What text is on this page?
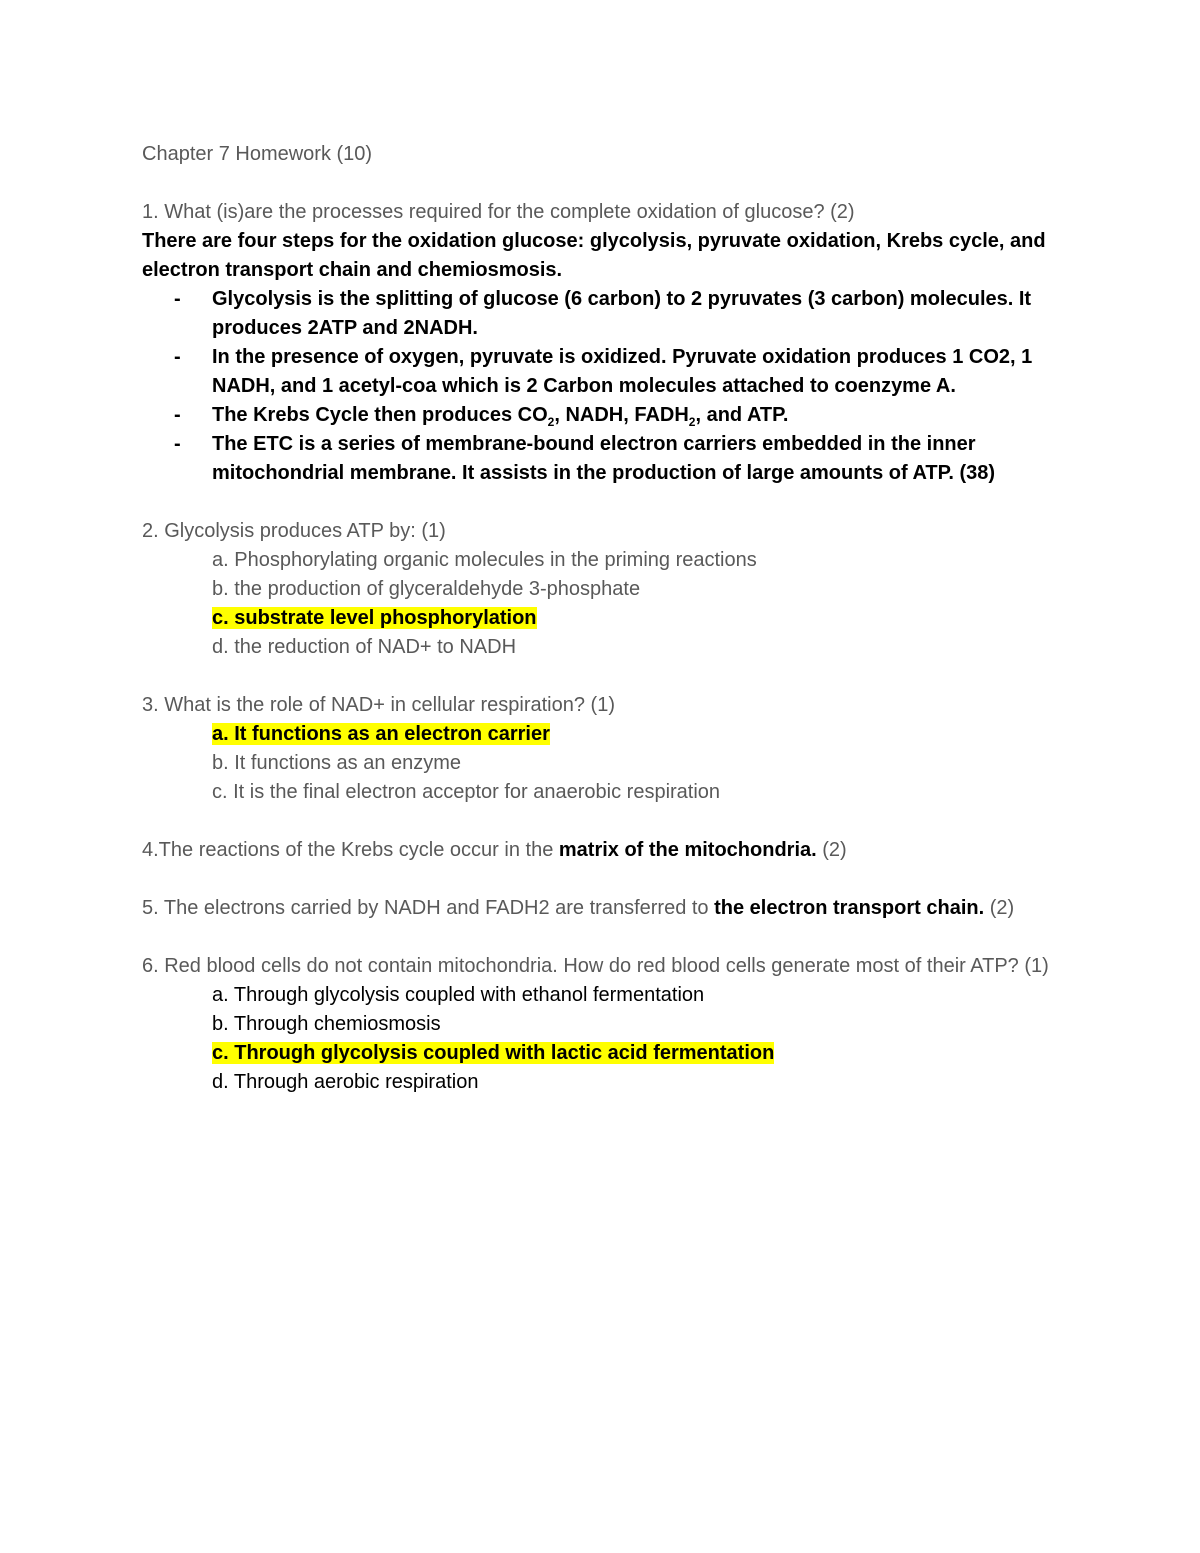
Chapter 7 Homework (10)
1. What (is)are the processes required for the complete oxidation of glucose? (2)
There are four steps for the oxidation glucose: glycolysis, pyruvate oxidation, Krebs cycle, and electron transport chain and chemiosmosis.
- Glycolysis is the splitting of glucose (6 carbon) to 2 pyruvates (3 carbon) molecules. It produces 2ATP and 2NADH.
- In the presence of oxygen, pyruvate is oxidized. Pyruvate oxidation produces 1 CO2, 1 NADH, and 1 acetyl-coa which is 2 Carbon molecules attached to coenzyme A.
- The Krebs Cycle then produces $CO_2$, NADH, $FADH_2$, and ATP.
- The ETC is a series of membrane-bound electron carriers embedded in the inner mitochondrial membrane. It assists in the production of large amounts of ATP. (38)
2. Glycolysis produces ATP by: (1)
a. Phosphorylating organic molecules in the priming reactions
b. the production of glyceraldehyde 3-phosphate
c. substrate level phosphorylation
d. the reduction of NAD+ to NADH
3. What is the role of NAD+ in cellular respiration? (1)
a. It functions as an electron carrier
b. It functions as an enzyme
c. It is the final electron acceptor for anaerobic respiration
4.The reactions of the Krebs cycle occur in the matrix of the mitochondria. (2)
5. The electrons carried by NADH and FADH2 are transferred to the electron transport chain. (2)
6. Red blood cells do not contain mitochondria. How do red blood cells generate most of their ATP? (1)
a. Through glycolysis coupled with ethanol fermentation
b. Through chemiosmosis
c. Through glycolysis coupled with lactic acid fermentation
d. Through aerobic respiration
